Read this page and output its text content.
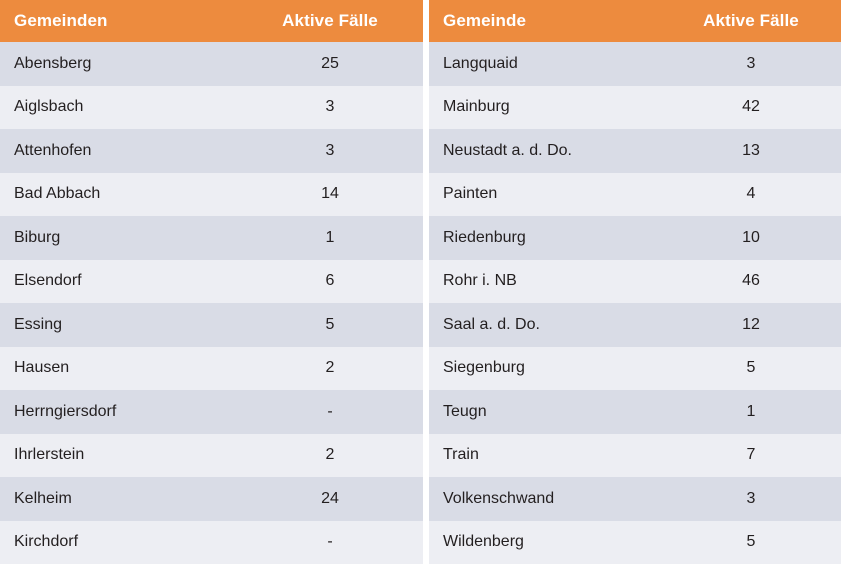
Gemeinden	Aktive Fälle		Gemeinde	Aktive Fälle
Abensberg	25		Langquaid	3
Aiglsbach	3		Mainburg	42
Attenhofen	3		Neustadt a. d. Do.	13
Bad Abbach	14		Painten	4
Biburg	1		Riedenburg	10
Elsendorf	6		Rohr i. NB	46
Essing	5		Saal a. d. Do.	12
Hausen	2		Siegenburg	5
Herrngiersdorf	-		Teugn	1
Ihrlerstein	2		Train	7
Kelheim	24		Volkenschwand	3
Kirchdorf	-		Wildenberg	5
